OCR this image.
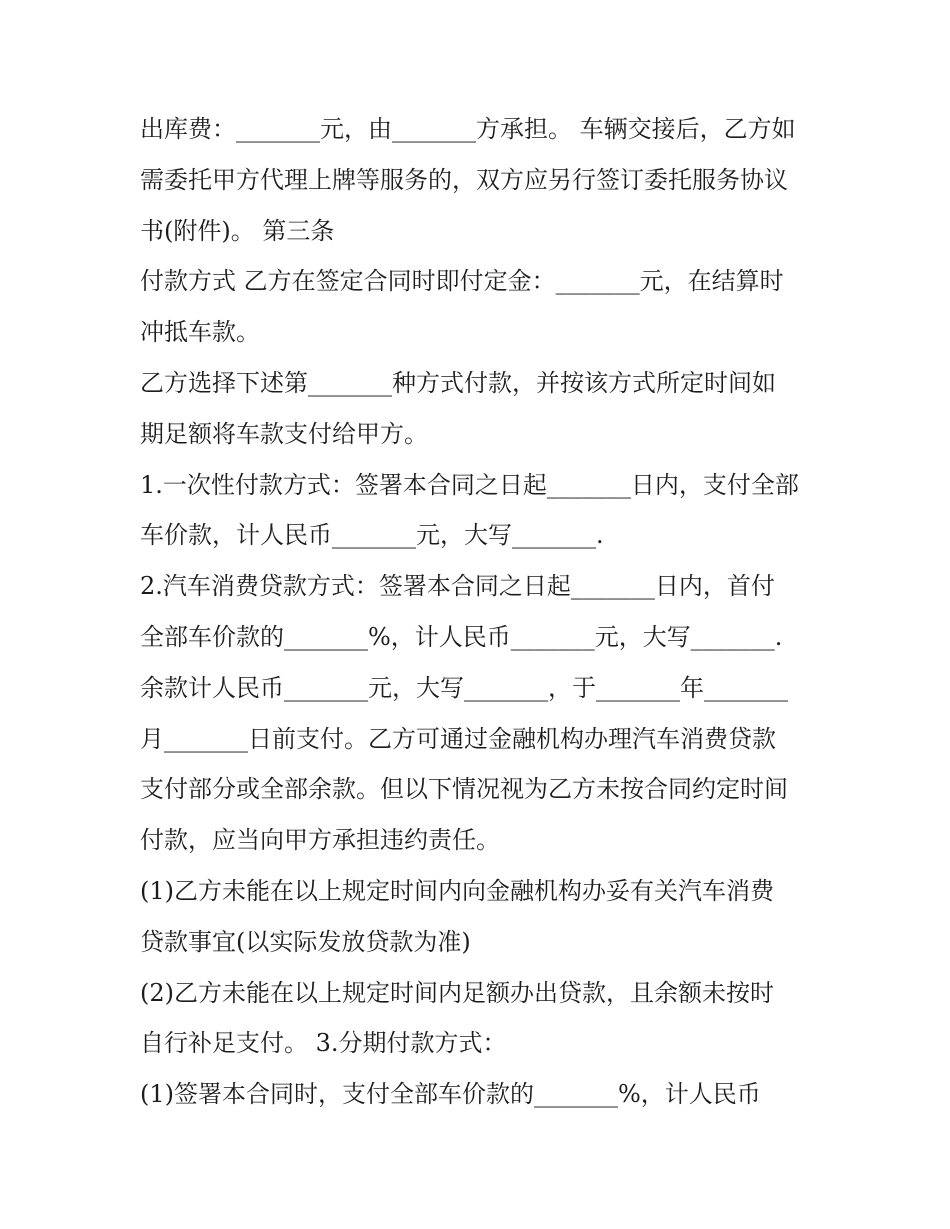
出库费：_______元，由_______方承担。 车辆交接后，乙方如
需委托甲方代理上牌等服务的，双方应另行签订委托服务协议
书(附件)。 第三条
付款方式 乙方在签定合同时即付定金：_______元，在结算时
冲抵车款。
乙方选择下述第_______种方式付款，并按该方式所定时间如
期足额将车款支付给甲方。
1.一次性付款方式：签署本合同之日起_______日内，支付全部
车价款，计人民币_______元，大写_______.
2.汽车消费贷款方式：签署本合同之日起_______日内，首付
全部车价款的_______%，计人民币_______元，大写_______.
余款计人民币_______元，大写_______，于_______年_______
月_______日前支付。乙方可通过金融机构办理汽车消费贷款
支付部分或全部余款。但以下情况视为乙方未按合同约定时间
付款，应当向甲方承担违约责任。
(1)乙方未能在以上规定时间内向金融机构办妥有关汽车消费
贷款事宜(以实际发放贷款为准)
(2)乙方未能在以上规定时间内足额办出贷款，且余额未按时
自行补足支付。 3.分期付款方式：
(1)签署本合同时，支付全部车价款的_______%，计人民币
